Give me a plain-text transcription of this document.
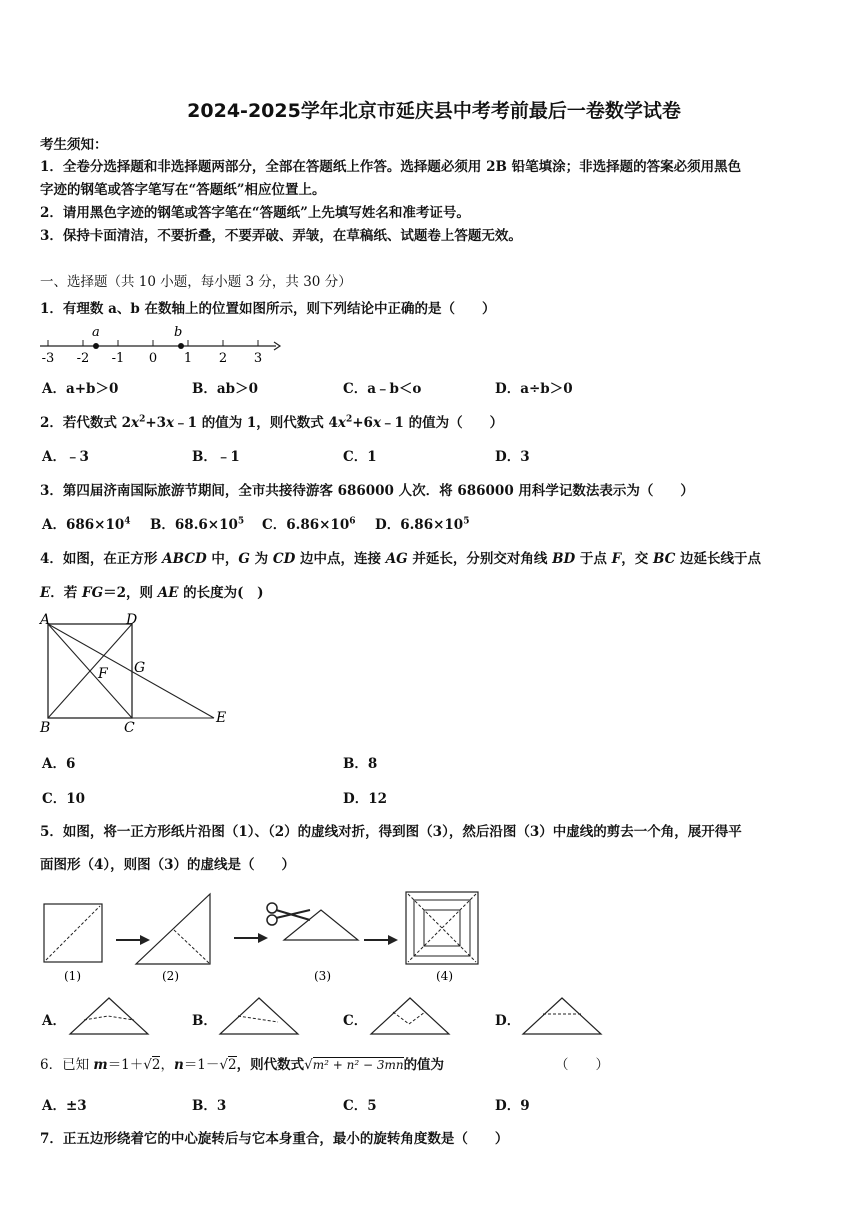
2024-2025学年北京市延庆县中考考前最后一卷数学试卷
考生须知：
1．全卷分选择题和非选择题两部分，全部在答题纸上作答。选择题必须用 2B 铅笔填涂；非选择题的答案必须用黑色
字迹的钢笔或答字笔写在“答题纸”相应位置上。
2．请用黑色字迹的钢笔或答字笔在“答题纸”上先填写姓名和准考证号。
3．保持卡面清洁，不要折叠，不要弄破、弄皱，在草稿纸、试题卷上答题无效。
一、选择题（共 10 小题，每小题 3 分，共 30 分）
1．有理数 a、b 在数轴上的位置如图所示，则下列结论中正确的是（　　）
-3 -2 -1 0 1 2 3
a	b
A．a+b＞0	B．ab＞0	C．a﹣b＜o	D．a÷b＞0
2．若代数式 $2x^2+3x﹣1$ 的值为 1，则代数式 $4x^2+6x﹣1$ 的值为（　　）
A．﹣3	B．﹣1	C．1	D．3
3．第四届济南国际旅游节期间，全市共接待游客 686000 人次．将 686000 用科学记数法表示为（　　）
A．$686\times 10^4$ B．$68.6\times 10^5$ C．$6.86\times 10^6$ D．$6.86\times 10^5$
4．如图，在正方形 ABCD 中，G 为 CD 边中点，连接 AG 并延长，分别交对角线 BD 于点 F，交 BC 边延长线于点
E．若 FG＝2，则 AE 的长度为(　)
A	D
G
F
B	C
E
A．6	B．8
C．10	D．12
5．如图，将一正方形纸片沿图（1）、（2）的虚线对折，得到图（3），然后沿图（3）中虚线的剪去一个角，展开得平
面图形（4），则图（3）的虚线是（　　）
(1)	(2)	(3)	(4)
A．	B．	C．	D．
6．已知 m＝1＋√2，n＝1－√2，则代数式√m² + n² − 3mn的值为	（　　）
A．±3	B．3	C．5	D．9
7．正五边形绕着它的中心旋转后与它本身重合，最小的旋转角度数是（　　）
